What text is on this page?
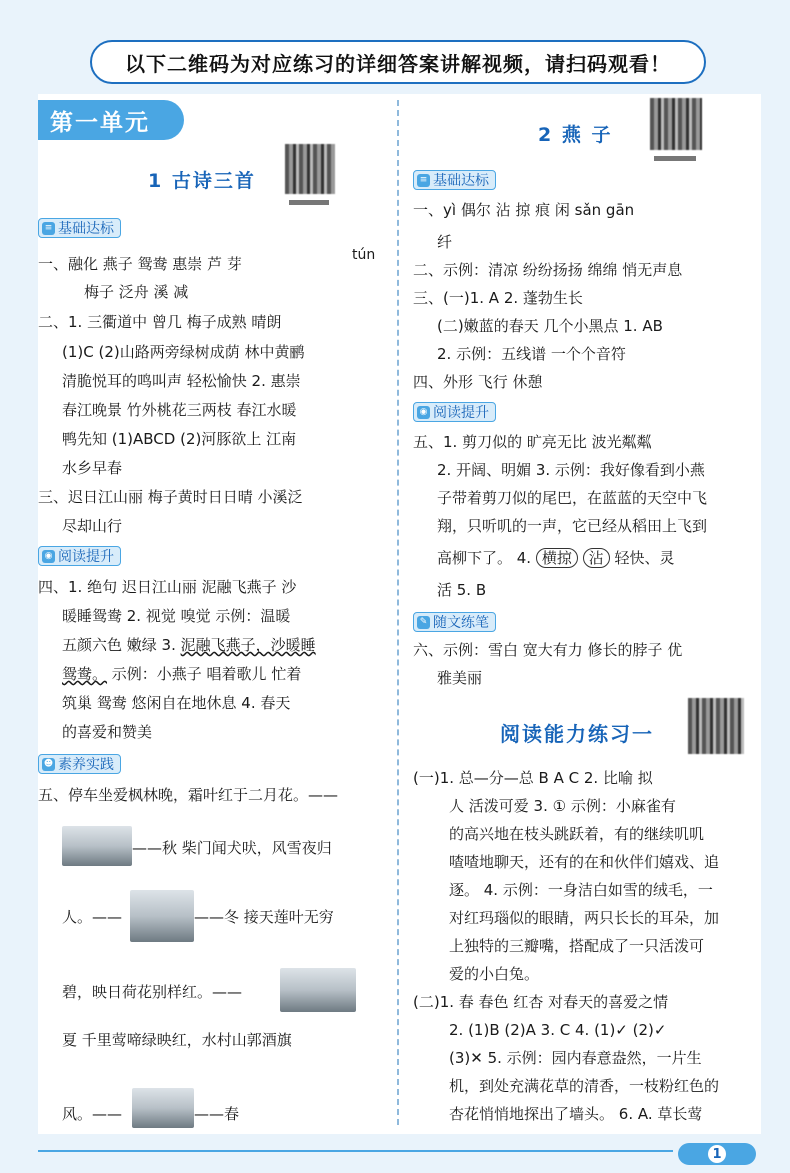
以下二维码为对应练习的详细答案讲解视频，请扫码观看！
第一单元
1 古诗三首
≡ 基础达标
tún
一、融化 燕子 鸳鸯 惠崇 芦 芽
梅子 泛舟 溪 减
二、1. 三衢道中 曾几 梅子成熟 晴朗
(1)C (2)山路两旁绿树成荫 林中黄鹂
清脆悦耳的鸣叫声 轻松愉快 2. 惠崇
春江晚景 竹外桃花三两枝 春江水暖
鸭先知 (1)ABCD (2)河豚欲上 江南
水乡早春
三、迟日江山丽 梅子黄时日日晴 小溪泛
尽却山行
◉ 阅读提升
四、1. 绝句 迟日江山丽 泥融飞燕子 沙
暖睡鸳鸯 2. 视觉 嗅觉 示例：温暖
五颜六色 嫩绿 3. 泥融飞燕子，沙暖睡
鸳鸯。 示例：小燕子 唱着歌儿 忙着
筑巢 鸳鸯 悠闲自在地休息 4. 春天
的喜爱和赞美
☻ 素养实践
五、停车坐爱枫林晚，霜叶红于二月花。——
——秋 柴门闻犬吠，风雪夜归
人。——	——冬 接天莲叶无穷
碧，映日荷花别样红。——
夏 千里莺啼绿映红，水村山郭酒旗
风。——	——春
2 燕 子
≡ 基础达标
一、yì 偶尔 沾 掠 痕 闲 sǎn gān
纤
二、示例：清凉 纷纷扬扬 绵绵 悄无声息
三、(一)1. A 2. 蓬勃生长
(二)嫩蓝的春天 几个小黑点 1. AB
2. 示例：五线谱 一个个音符
四、外形 飞行 休憩
◉ 阅读提升
五、1. 剪刀似的 旷亮无比 波光粼粼
2. 开阔、明媚 3. 示例：我好像看到小燕
子带着剪刀似的尾巴，在蓝蓝的天空中飞
翔，只听叽的一声，它已经从稻田上飞到
高柳下了。 4. 横掠 沾 轻快、灵
活 5. B
✎ 随文练笔
六、示例：雪白 宽大有力 修长的脖子 优
雅美丽
阅读能力练习一
(一)1. 总—分—总 B A C 2. 比喻 拟
人 活泼可爱 3. ① 示例：小麻雀有
的高兴地在枝头跳跃着，有的继续叽叽
喳喳地聊天，还有的在和伙伴们嬉戏、追
逐。 4. 示例：一身洁白如雪的绒毛，一
对红玛瑙似的眼睛，两只长长的耳朵，加
上独特的三瓣嘴，搭配成了一只活泼可
爱的小白兔。
(二)1. 春 春色 红杏 对春天的喜爱之情
2. (1)B (2)A 3. C 4. (1)✓ (2)✓
(3)✕ 5. 示例：园内春意盎然，一片生
机，到处充满花草的清香，一枝粉红色的
杏花悄悄地探出了墙头。 6. A. 草长莺
1
